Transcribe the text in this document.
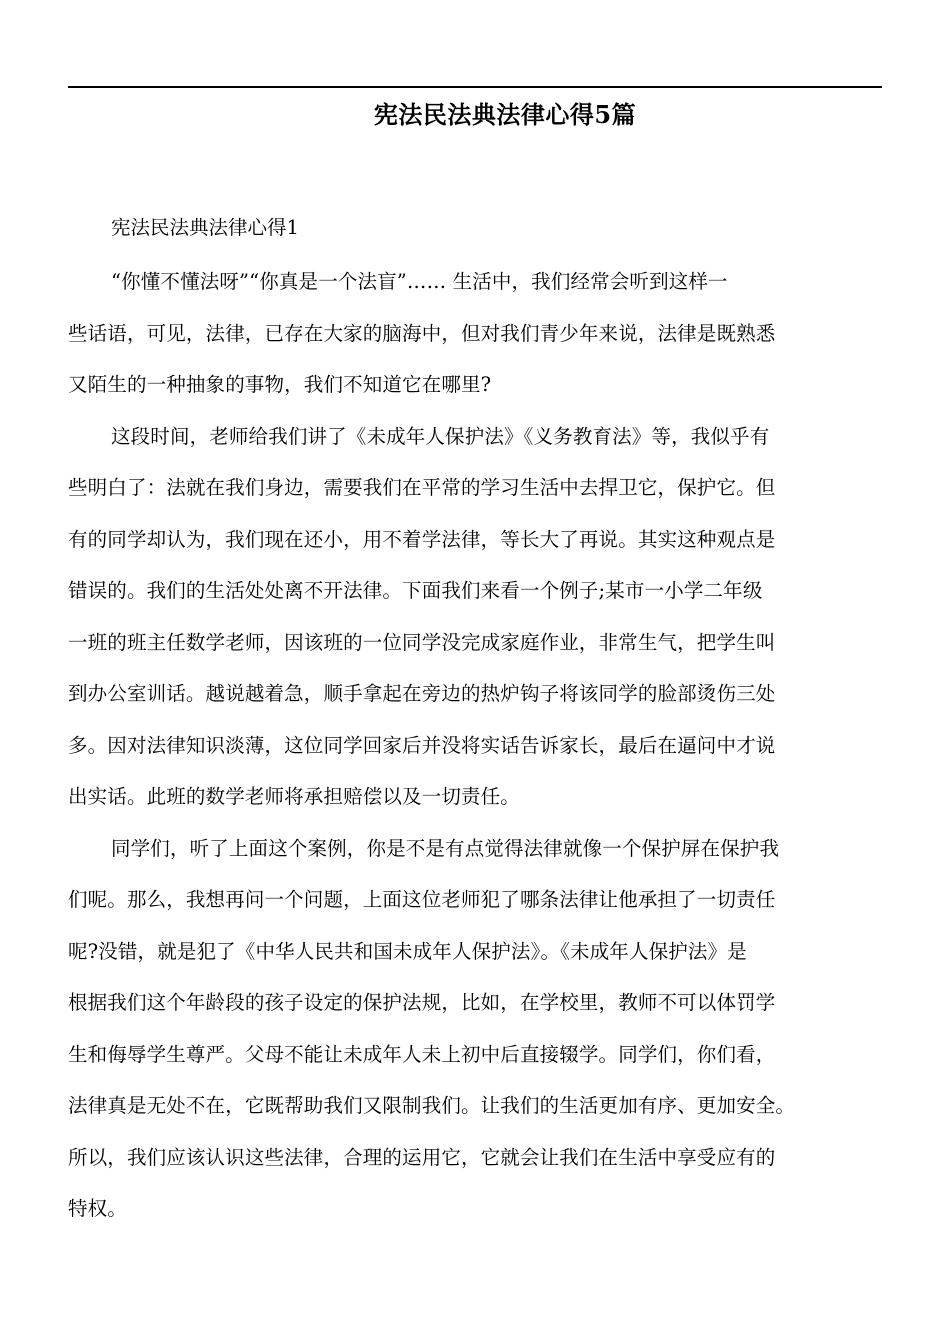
宪法民法典法律心得5篇
宪法民法典法律心得1
“你懂不懂法呀”“你真是一个法盲”…… 生活中，我们经常会听到这样一
些话语，可见，法律，已存在大家的脑海中，但对我们青少年来说，法律是既熟悉
又陌生的一种抽象的事物，我们不知道它在哪里?
这段时间，老师给我们讲了《未成年人保护法》《义务教育法》等，我似乎有
些明白了：法就在我们身边，需要我们在平常的学习生活中去捍卫它，保护它。但
有的同学却认为，我们现在还小，用不着学法律，等长大了再说。其实这种观点是
错误的。我们的生活处处离不开法律。下面我们来看一个例子;某市一小学二年级
一班的班主任数学老师，因该班的一位同学没完成家庭作业，非常生气，把学生叫
到办公室训话。越说越着急，顺手拿起在旁边的热炉钩子将该同学的脸部烫伤三处
多。因对法律知识淡薄，这位同学回家后并没将实话告诉家长，最后在逼问中才说
出实话。此班的数学老师将承担赔偿以及一切责任。
同学们，听了上面这个案例，你是不是有点觉得法律就像一个保护屏在保护我
们呢。那么，我想再问一个问题，上面这位老师犯了哪条法律让他承担了一切责任
呢?没错，就是犯了《中华人民共和国未成年人保护法》。《未成年人保护法》是
根据我们这个年龄段的孩子设定的保护法规，比如，在学校里，教师不可以体罚学
生和侮辱学生尊严。父母不能让未成年人未上初中后直接辍学。同学们，你们看，
法律真是无处不在，它既帮助我们又限制我们。让我们的生活更加有序、更加安全。
所以，我们应该认识这些法律，合理的运用它，它就会让我们在生活中享受应有的
特权。
